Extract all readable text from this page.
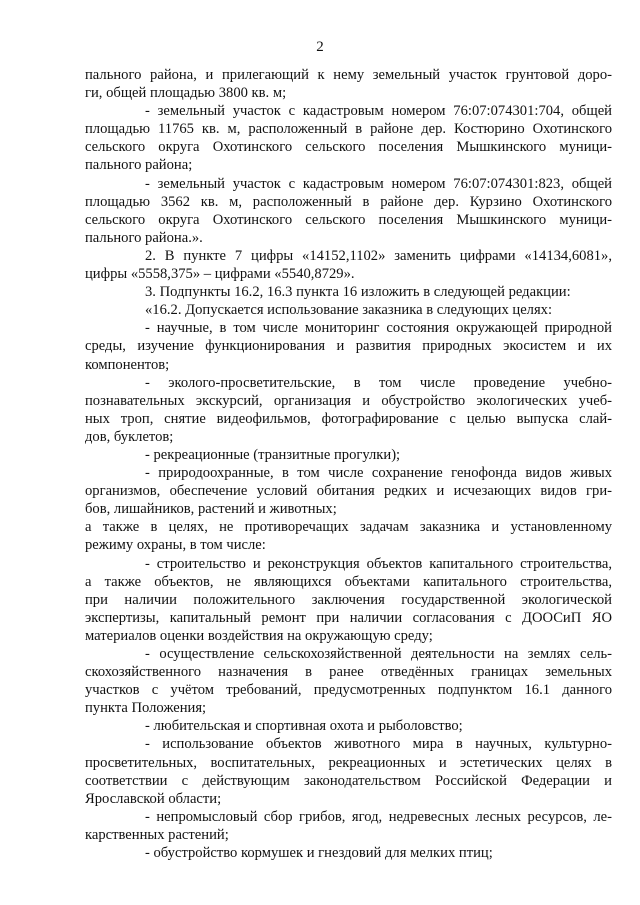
2
пального района, и прилегающий к нему земельный участок грунтовой доро-
ги, общей площадью 3800 кв. м;
- земельный участок с кадастровым номером 76:07:074301:704, общей
площадью 11765 кв. м, расположенный в районе дер. Костюрино Охотинского
сельского округа Охотинского сельского поселения Мышкинского муници-
пального района;
- земельный участок с кадастровым номером 76:07:074301:823, общей
площадью 3562 кв. м, расположенный в районе дер. Курзино Охотинского
сельского округа Охотинского сельского поселения Мышкинского муници-
пального района.».
2. В пункте 7 цифры «14152,1102» заменить цифрами «14134,6081»,
цифры «5558,375» – цифрами «5540,8729».
3. Подпункты 16.2, 16.3 пункта 16 изложить в следующей редакции:
«16.2. Допускается использование заказника в следующих целях:
- научные, в том числе мониторинг состояния окружающей природной
среды, изучение функционирования и развития природных экосистем и их
компонентов;
- эколого-просветительские, в том числе проведение учебно-
познавательных экскурсий, организация и обустройство экологических учеб-
ных троп, снятие видеофильмов, фотографирование с целью выпуска слай-
дов, буклетов;
- рекреационные (транзитные прогулки);
- природоохранные, в том числе сохранение генофонда видов живых
организмов, обеспечение условий обитания редких и исчезающих видов гри-
бов, лишайников, растений и животных;
а также в целях, не противоречащих задачам заказника и установленному
режиму охраны, в том числе:
- строительство и реконструкция объектов капитального строительства,
а также объектов, не являющихся объектами капитального строительства,
при наличии положительного заключения государственной экологической
экспертизы, капитальный ремонт при наличии согласования с ДООСиП ЯО
материалов оценки воздействия на окружающую среду;
- осуществление сельскохозяйственной деятельности на землях сель-
скохозяйственного назначения в ранее отведённых границах земельных
участков с учётом требований, предусмотренных подпунктом 16.1 данного
пункта Положения;
- любительская и спортивная охота и рыболовство;
- использование объектов животного мира в научных, культурно-
просветительных, воспитательных, рекреационных и эстетических целях в
соответствии с действующим законодательством Российской Федерации и
Ярославской области;
- непромысловый сбор грибов, ягод, недревесных лесных ресурсов, ле-
карственных растений;
- обустройство кормушек и гнездовий для мелких птиц;
